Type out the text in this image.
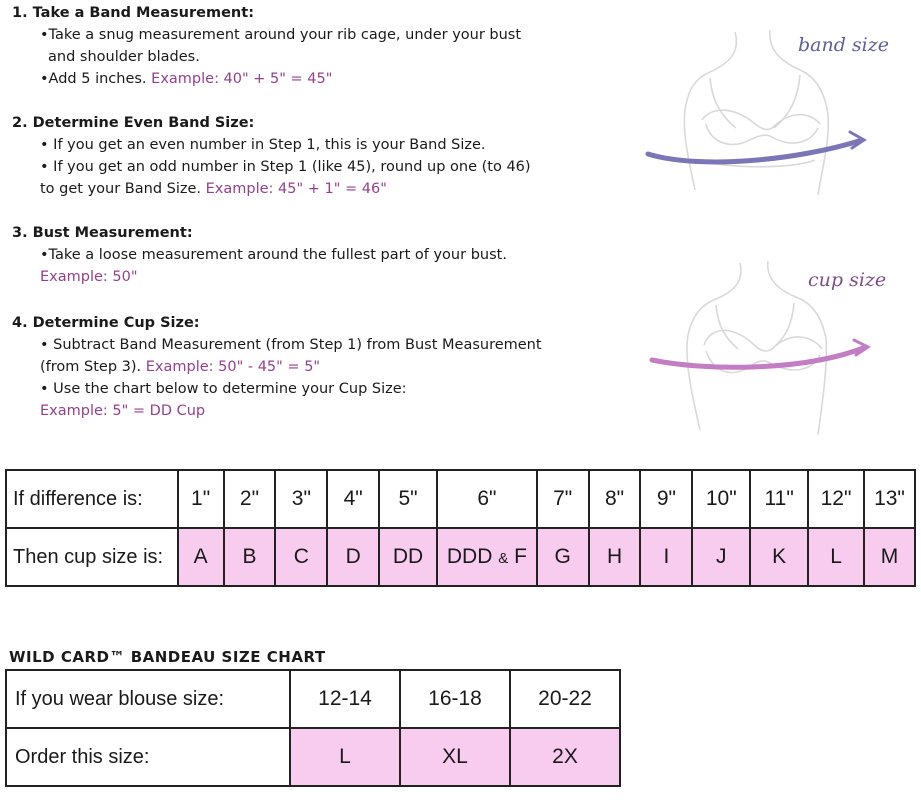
1. Take a Band Measurement:
•Take a snug measurement around your rib cage, under your bust
and shoulder blades.
•Add 5 inches. Example: 40" + 5" = 45"
2. Determine Even Band Size:
• If you get an even number in Step 1, this is your Band Size.
• If you get an odd number in Step 1 (like 45), round up one (to 46)
to get your Band Size. Example: 45" + 1" = 46"
3. Bust Measurement:
•Take a loose measurement around the fullest part of your bust.
Example: 50"
4. Determine Cup Size:
• Subtract Band Measurement (from Step 1) from Bust Measurement
(from Step 3). Example: 50" - 45" = 5"
• Use the chart below to determine your Cup Size:
Example: 5" = DD Cup
band size
cup size
If difference is:	1"	2"	3"	4"	5"	6"	7"	8"	9"	10"	11"	12"	13"
Then cup size is:	A	B	C	D	DD	DDD & F	G	H	I	J	K	L	M
WILD CARD™ BANDEAU SIZE CHART
If you wear blouse size:	12-14	16-18	20-22
Order this size:	L	XL	2X
